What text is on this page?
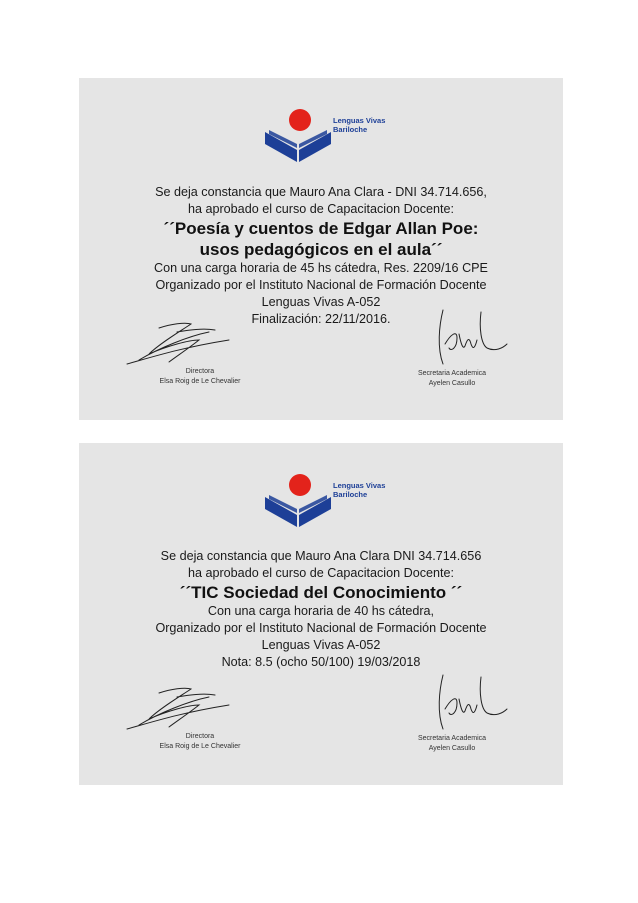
Lenguas Vivas
Bariloche

Se deja constancia que Mauro Ana Clara - DNI 34.714.656,

ha aprobado el curso de Capacitacion Docente:

´´Poesía y cuentos de Edgar Allan Poe:

usos pedagógicos en el aula´´

Con una carga horaria de 45 hs cátedra, Res. 2209/16 CPE

Organizado por el Instituto Nacional de Formación Docente

Lenguas Vivas A-052

Finalización: 22/11/2016.

Directora
Elsa Roig de Le Chevalier
Secretaria Academica
Ayelen Casullo
Lenguas Vivas
Bariloche

Se deja constancia que Mauro Ana Clara DNI 34.714.656

ha aprobado el curso de Capacitacion Docente:

´´TIC Sociedad del Conocimiento ´´

Con una carga horaria de 40 hs cátedra,

Organizado por el Instituto Nacional de Formación Docente

Lenguas Vivas A-052

Nota: 8.5 (ocho 50/100) 19/03/2018

Directora
Elsa Roig de Le Chevalier
Secretaria Academica
Ayelen Casullo
